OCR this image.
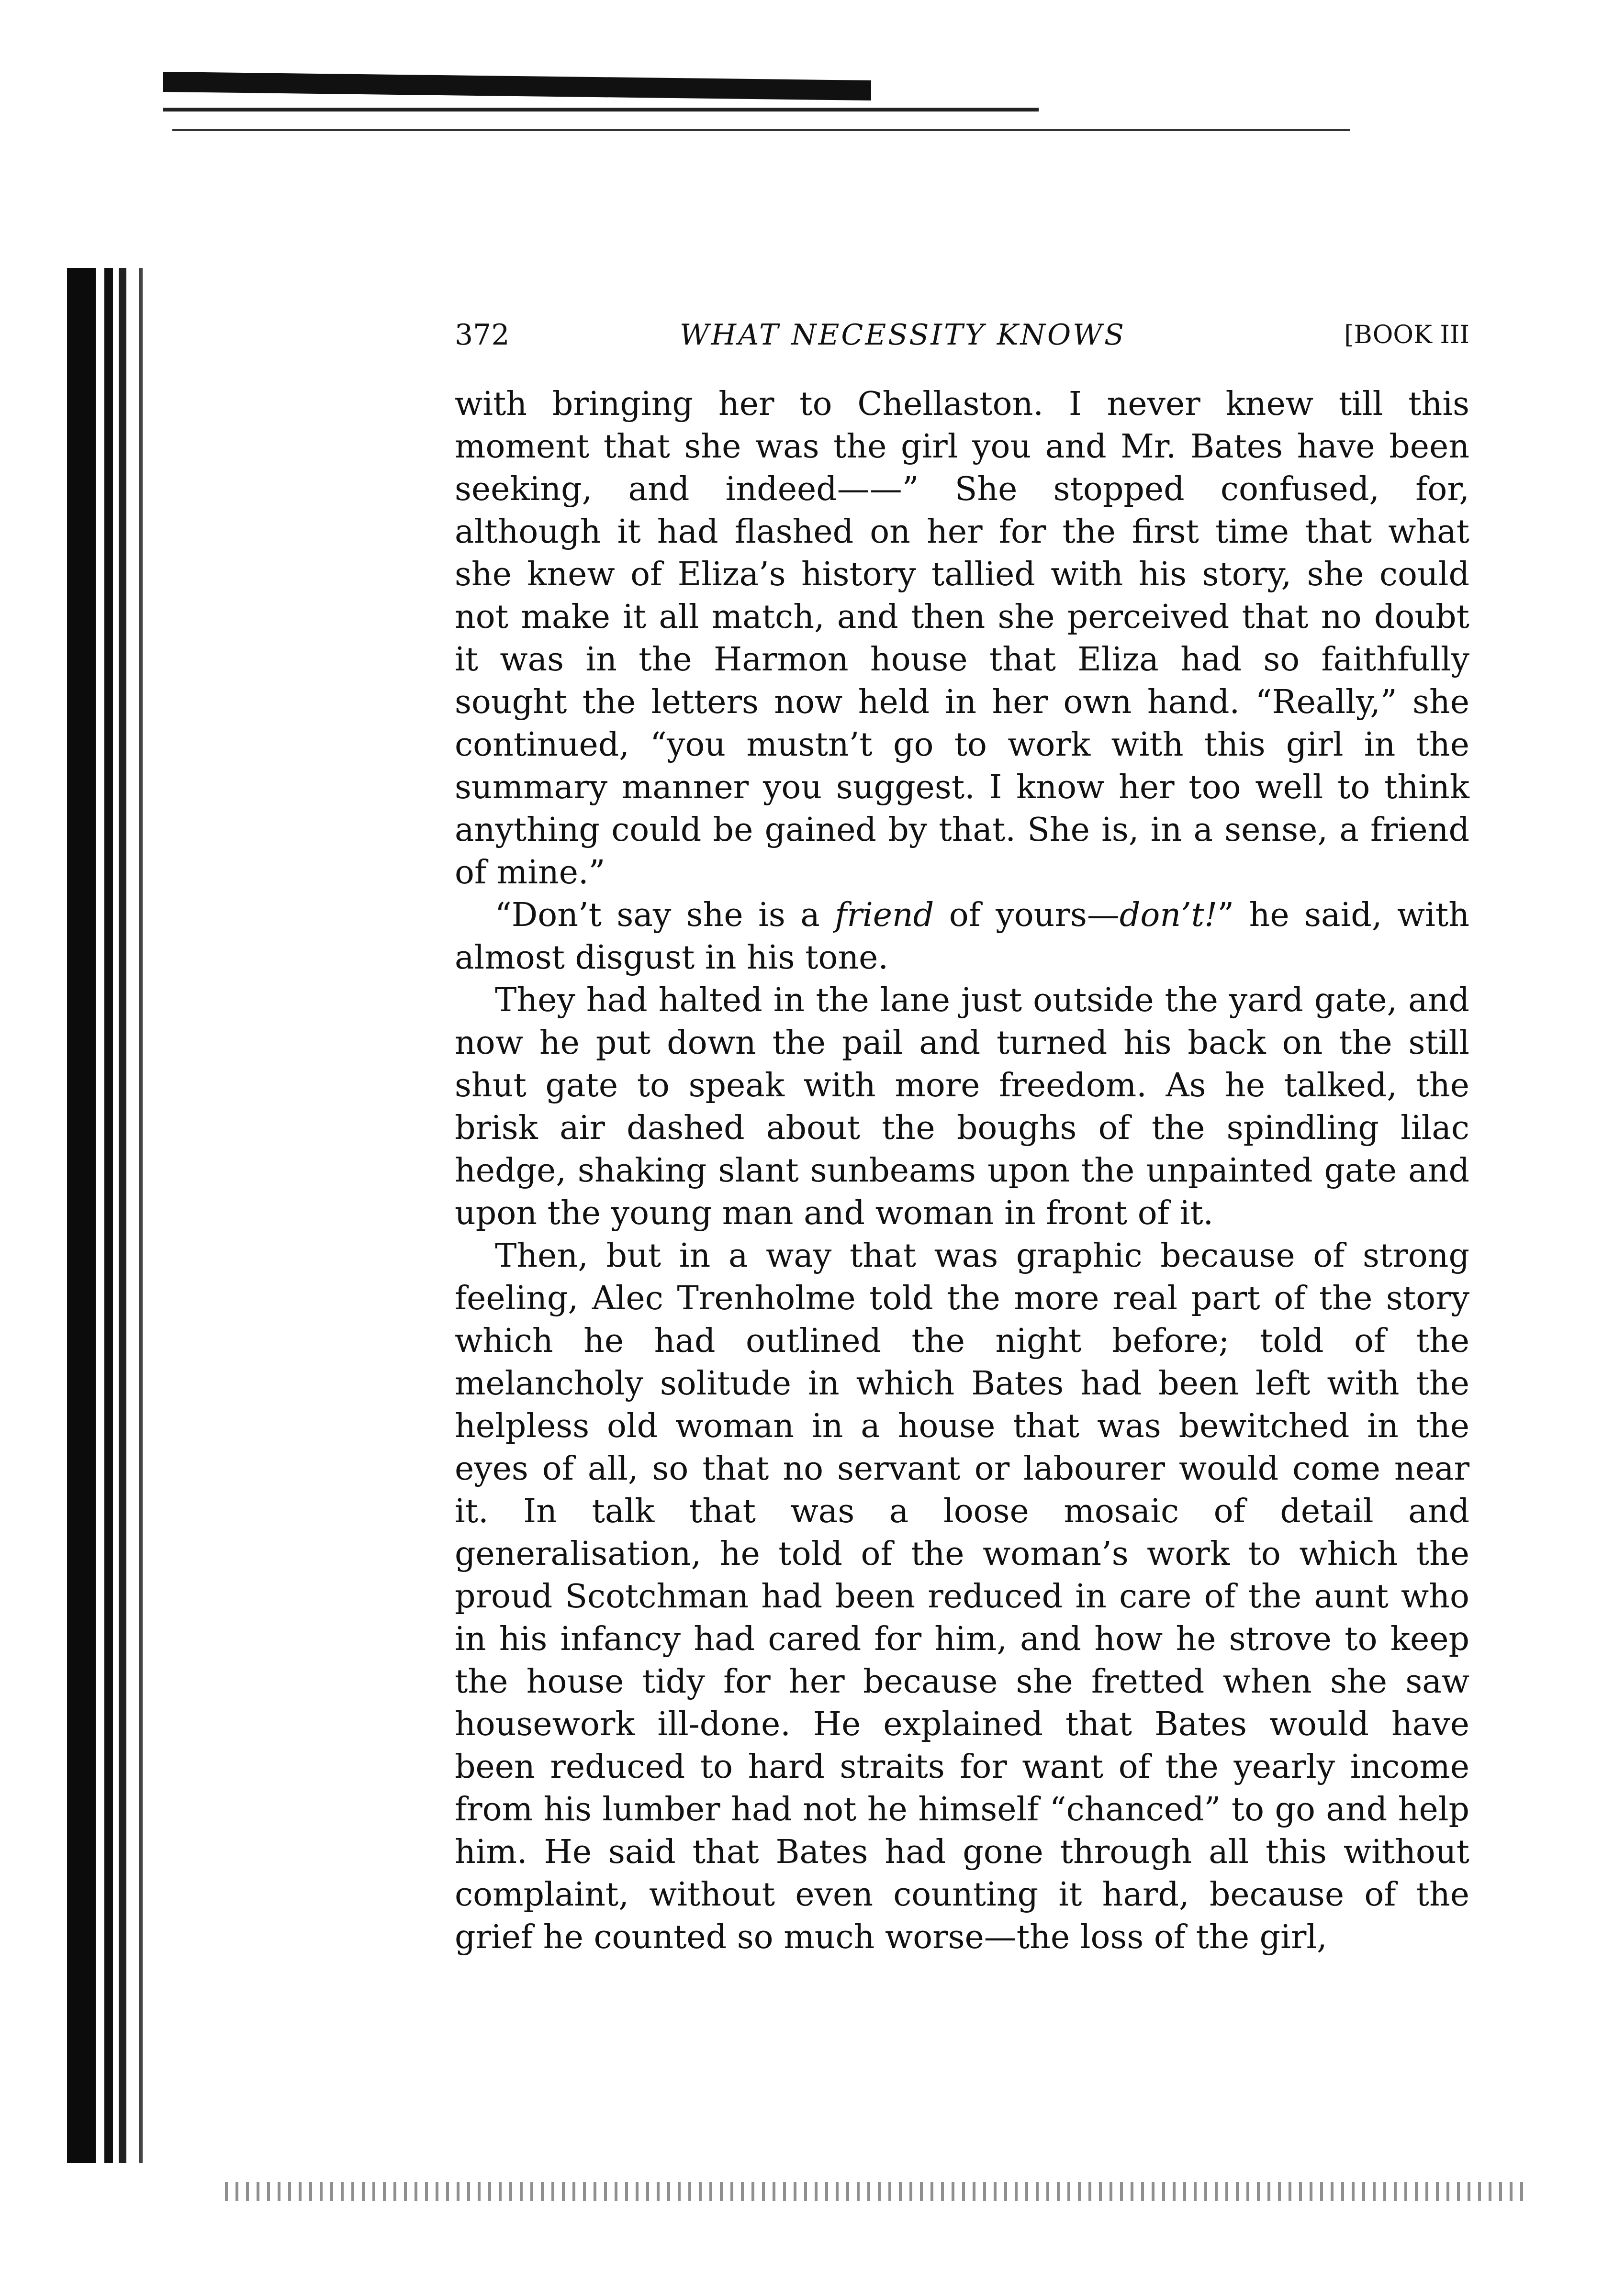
372	WHAT NECESSITY KNOWS	[BOOK III

with bringing her to Chellaston. I never knew till this moment that she was the girl you and Mr. Bates have been seeking, and indeed——” She stopped confused, for, although it had flashed on her for the first time that what she knew of Eliza’s history tallied with his story, she could not make it all match, and then she perceived that no doubt it was in the Harmon house that Eliza had so faithfully sought the letters now held in her own hand. “Really,” she continued, “you mustn’t go to work with this girl in the summary manner you suggest. I know her too well to think anything could be gained by that. She is, in a sense, a friend of mine.”

“Don’t say she is a friend of yours—don’t!” he said, with almost disgust in his tone.

They had halted in the lane just outside the yard gate, and now he put down the pail and turned his back on the still shut gate to speak with more freedom. As he talked, the brisk air dashed about the boughs of the spindling lilac hedge, shaking slant sunbeams upon the unpainted gate and upon the young man and woman in front of it.

Then, but in a way that was graphic because of strong feeling, Alec Trenholme told the more real part of the story which he had outlined the night before; told of the melancholy solitude in which Bates had been left with the helpless old woman in a house that was bewitched in the eyes of all, so that no servant or labourer would come near it. In talk that was a loose mosaic of detail and generalisation, he told of the woman’s work to which the proud Scotchman had been reduced in care of the aunt who in his infancy had cared for him, and how he strove to keep the house tidy for her because she fretted when she saw housework ill-done. He explained that Bates would have been reduced to hard straits for want of the yearly income from his lumber had not he himself “chanced” to go and help him. He said that Bates had gone through all this without complaint, without even counting it hard, because of the grief he counted so much worse—the loss of the girl,
